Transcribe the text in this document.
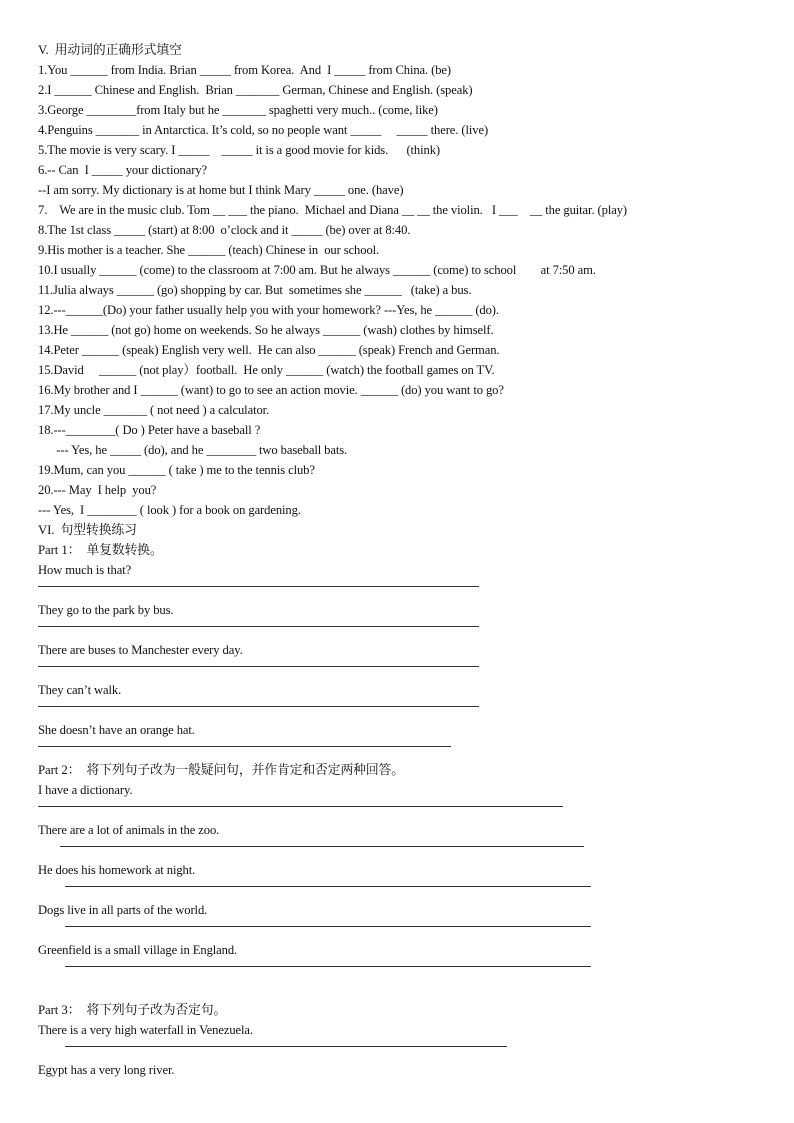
V.  用动词的正确形式填空
1.You ______ from India. Brian _____ from Korea.  And  I _____ from China. (be)
2.I ______ Chinese and English.  Brian _______ German, Chinese and English. (speak)
3.George ________from Italy but he _______ spaghetti very much.. (come, like)
4.Penguins _______ in Antarctica. It’s cold, so no people want _____     _____ there. (live)
5.The movie is very scary. I _____    _____ it is a good movie for kids.      (think)
6.-- Can  I _____ your dictionary?
--I am sorry. My dictionary is at home but I think Mary _____ one. (have)
7.    We are in the music club. Tom __ ___ the piano.  Michael and Diana __ __ the violin.   I ___    __ the guitar. (play)
8.The 1st class _____ (start) at 8:00  o’clock and it _____ (be) over at 8:40.
9.His mother is a teacher. She ______ (teach) Chinese in  our school.
10.I usually ______ (come) to the classroom at 7:00 am. But he always ______ (come) to school        at 7:50 am.
11.Julia always ______ (go) shopping by car. But  sometimes she ______   (take) a bus.
12.---______(Do) your father usually help you with your homework? ---Yes, he ______ (do).
13.He ______ (not go) home on weekends. So he always ______ (wash) clothes by himself.
14.Peter ______ (speak) English very well.  He can also ______ (speak) French and German.
15.David     ______ (not play）football.  He only ______ (watch) the football games on TV.
16.My brother and I ______ (want) to go to see an action movie. ______ (do) you want to go?
17.My uncle _______ ( not need ) a calculator.
18.---________( Do ) Peter have a baseball ?
--- Yes, he _____ (do), and he ________ two baseball bats.
19.Mum, can you ______ ( take ) me to the tennis club?
20.--- May  I help  you?
--- Yes,  I ________ ( look ) for a book on gardening.
VI.  句型转换练习
Part 1：  单复数转换。
How much is that?
They go to the park by bus.
There are buses to Manchester every day.
They can’t walk.
She doesn’t have an orange hat.
Part 2：  将下列句子改为一般疑问句，并作肯定和否定两种回答。
I have a dictionary.
There are a lot of animals in the zoo.
He does his homework at night.
Dogs live in all parts of the world.
Greenfield is a small village in England.
Part 3：  将下列句子改为否定句。
There is a very high waterfall in Venezuela.
Egypt has a very long river.
